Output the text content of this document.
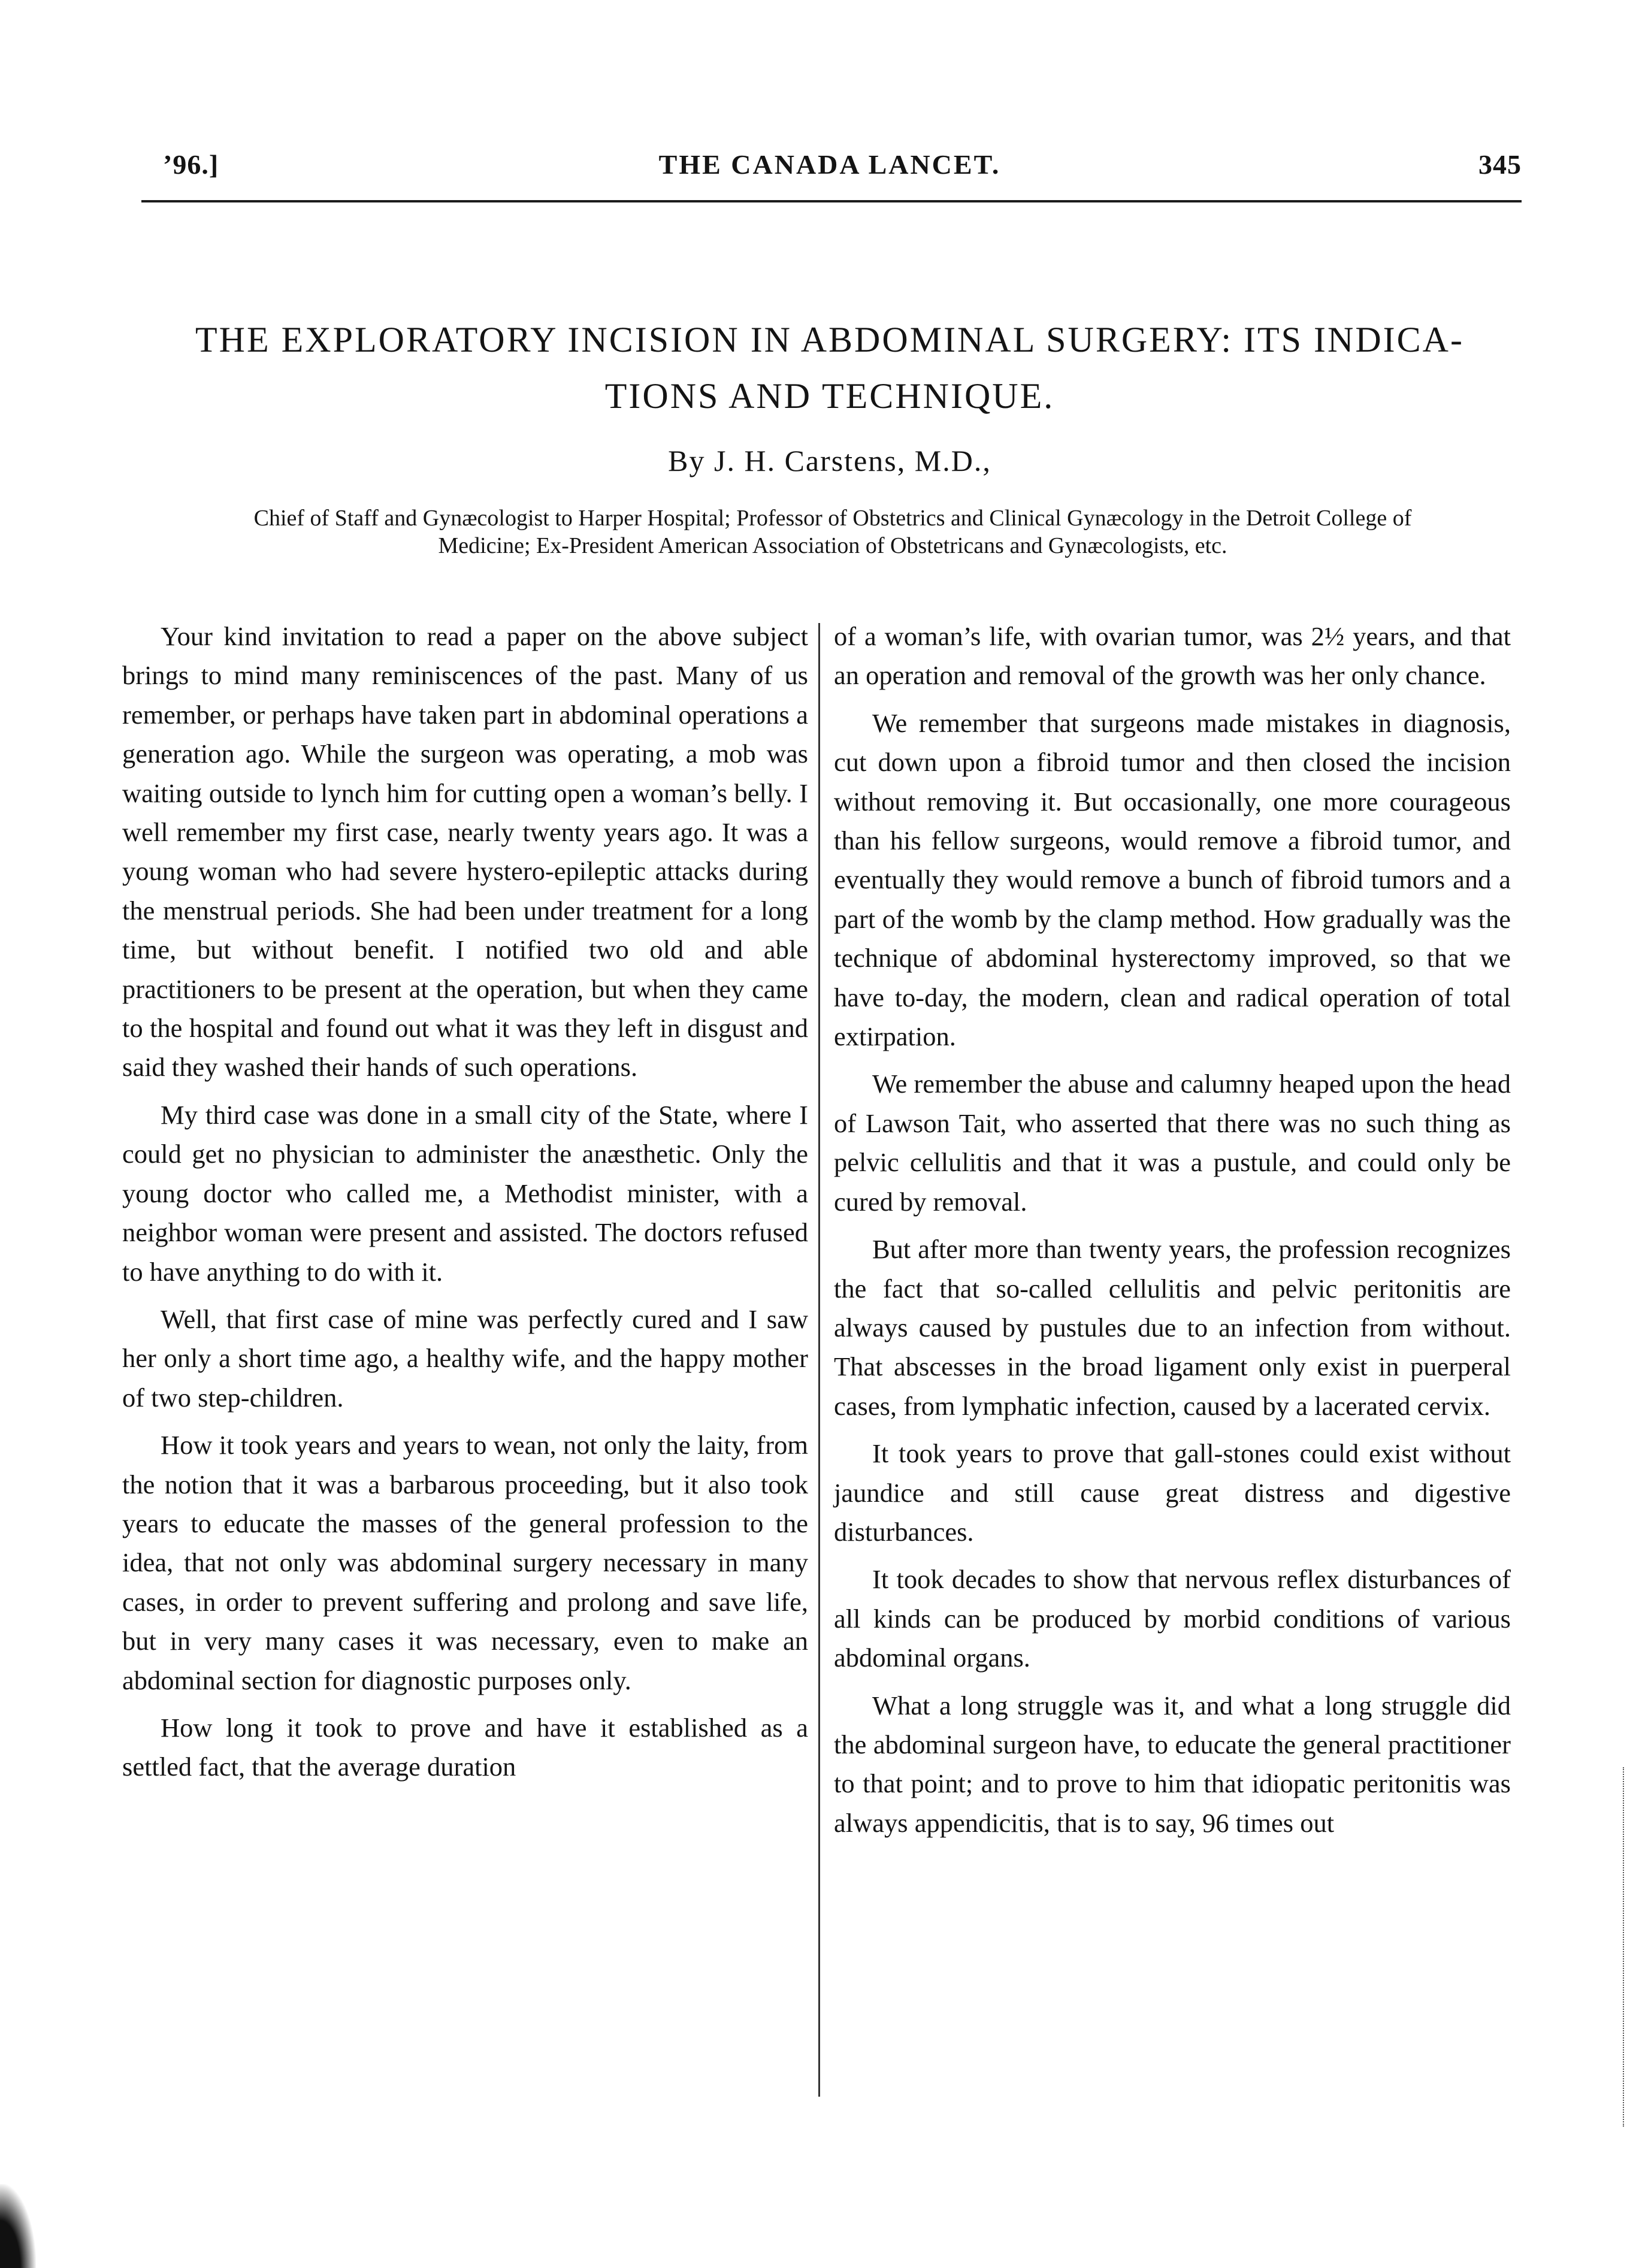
’96.]	THE CANADA LANCET.	345
THE EXPLORATORY INCISION IN ABDOMINAL SURGERY: ITS INDICA-
TIONS AND TECHNIQUE.
By J. H. Carstens, M.D.,
Chief of Staff and Gynæcologist to Harper Hospital; Professor of Obstetrics and Clinical Gynæcology in the Detroit College of Medicine; Ex-President American Association of Obstetricans and Gynæcologists, etc.

Your kind invitation to read a paper on the above subject brings to mind many reminiscences of the past. Many of us remember, or perhaps have taken part in abdominal operations a generation ago. While the surgeon was operating, a mob was waiting outside to lynch him for cutting open a woman’s belly. I well remember my first case, nearly twenty years ago. It was a young woman who had severe hystero-epileptic attacks during the menstrual periods. She had been under treatment for a long time, but without benefit. I notified two old and able practitioners to be present at the operation, but when they came to the hospital and found out what it was they left in disgust and said they washed their hands of such operations.

My third case was done in a small city of the State, where I could get no physician to administer the anæsthetic. Only the young doctor who called me, a Methodist minister, with a neighbor woman were present and assisted. The doctors refused to have anything to do with it.

Well, that first case of mine was perfectly cured and I saw her only a short time ago, a healthy wife, and the happy mother of two step-children.

How it took years and years to wean, not only the laity, from the notion that it was a barbarous proceeding, but it also took years to educate the masses of the general profession to the idea, that not only was abdominal surgery necessary in many cases, in order to prevent suffering and prolong and save life, but in very many cases it was necessary, even to make an abdominal section for diagnostic purposes only.

How long it took to prove and have it established as a settled fact, that the average duration

of a woman’s life, with ovarian tumor, was 2½ years, and that an operation and removal of the growth was her only chance.

We remember that surgeons made mistakes in diagnosis, cut down upon a fibroid tumor and then closed the incision without removing it. But occasionally, one more courageous than his fellow surgeons, would remove a fibroid tumor, and eventually they would remove a bunch of fibroid tumors and a part of the womb by the clamp method. How gradually was the technique of abdominal hysterectomy improved, so that we have to-day, the modern, clean and radical operation of total extirpation.

We remember the abuse and calumny heaped upon the head of Lawson Tait, who asserted that there was no such thing as pelvic cellulitis and that it was a pustule, and could only be cured by removal.

But after more than twenty years, the profession recognizes the fact that so-called cellulitis and pelvic peritonitis are always caused by pustules due to an infection from without. That abscesses in the broad ligament only exist in puerperal cases, from lymphatic infection, caused by a lacerated cervix.

It took years to prove that gall-stones could exist without jaundice and still cause great distress and digestive disturbances.

It took decades to show that nervous reflex disturbances of all kinds can be produced by morbid conditions of various abdominal organs.

What a long struggle was it, and what a long struggle did the abdominal surgeon have, to educate the general practitioner to that point; and to prove to him that idiopatic peritonitis was always appendicitis, that is to say, 96 times out
